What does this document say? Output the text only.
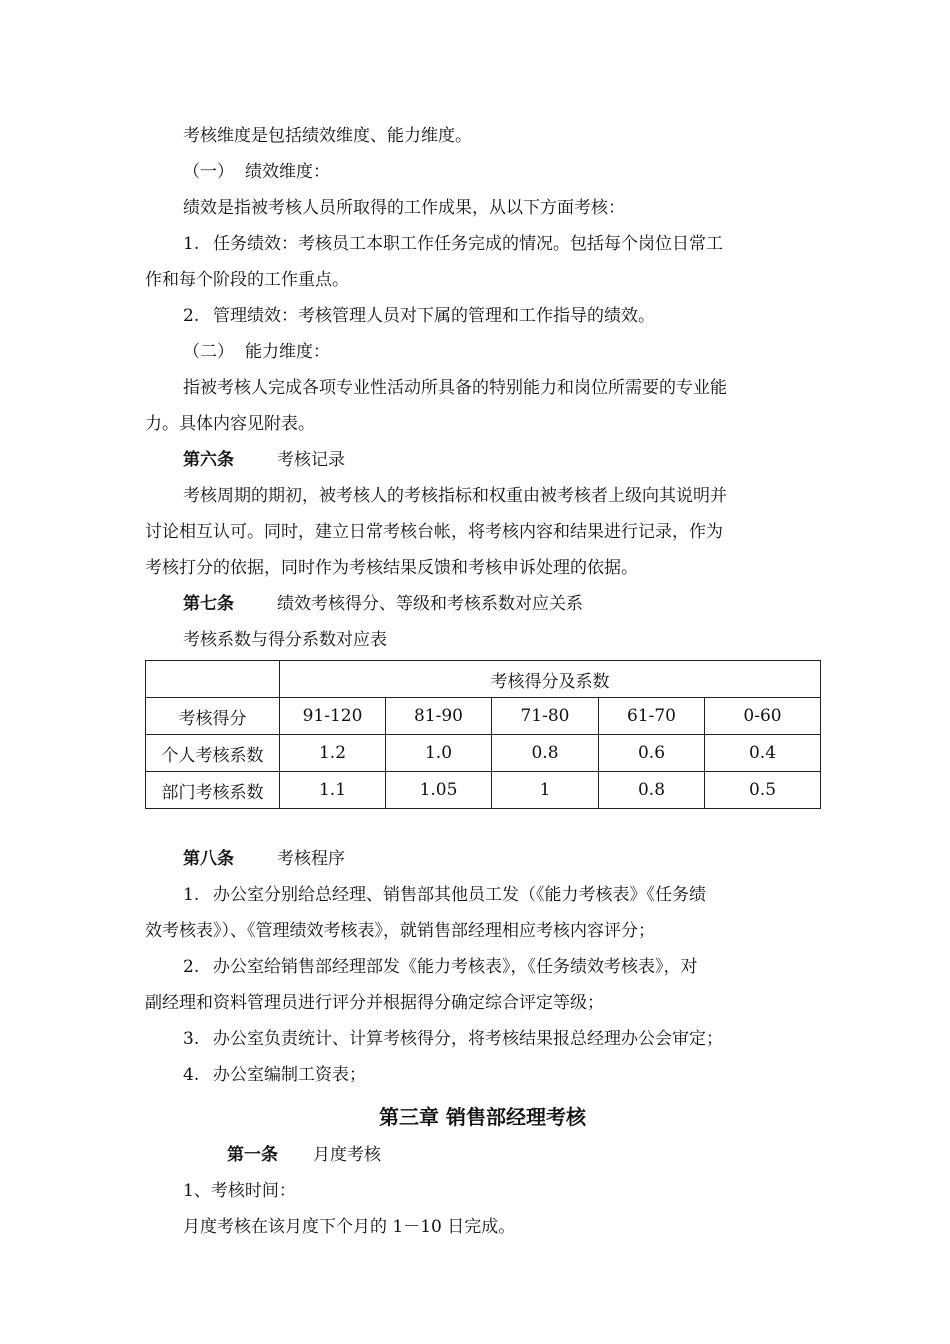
考核维度是包括绩效维度、能力维度。

（一） 绩效维度：

绩效是指被考核人员所取得的工作成果，从以下方面考核：

1. 任务绩效：考核员工本职工作任务完成的情况。包括每个岗位日常工

作和每个阶段的工作重点。

2. 管理绩效：考核管理人员对下属的管理和工作指导的绩效。

（二） 能力维度：

指被考核人完成各项专业性活动所具备的特别能力和岗位所需要的专业能

力。具体内容见附表。

第六条	考核记录

考核周期的期初，被考核人的考核指标和权重由被考核者上级向其说明并

讨论相互认可。同时，建立日常考核台帐，将考核内容和结果进行记录，作为

考核打分的依据，同时作为考核结果反馈和考核申诉处理的依据。

第七条	绩效考核得分、等级和考核系数对应关系

考核系数与得分系数对应表

	考核得分及系数				
考核得分	91-120	81-90	71-80	61-70	0-60
个人考核系数	1.2	1.0	0.8	0.6	0.4
部门考核系数	1.1	1.05	1	0.8	0.5

第八条	考核程序

1. 办公室分别给总经理、销售部其他员工发（《能力考核表》《任务绩

效考核表》）、《管理绩效考核表》，就销售部经理相应考核内容评分；

2. 办公室给销售部经理部发《能力考核表》，《任务绩效考核表》，对

副经理和资料管理员进行评分并根据得分确定综合评定等级；

3. 办公室负责统计、计算考核得分，将考核结果报总经理办公会审定；

4. 办公室编制工资表；

第三章 销售部经理考核

第一条 月度考核

1、考核时间：

月度考核在该月度下个月的 1－10 日完成。
